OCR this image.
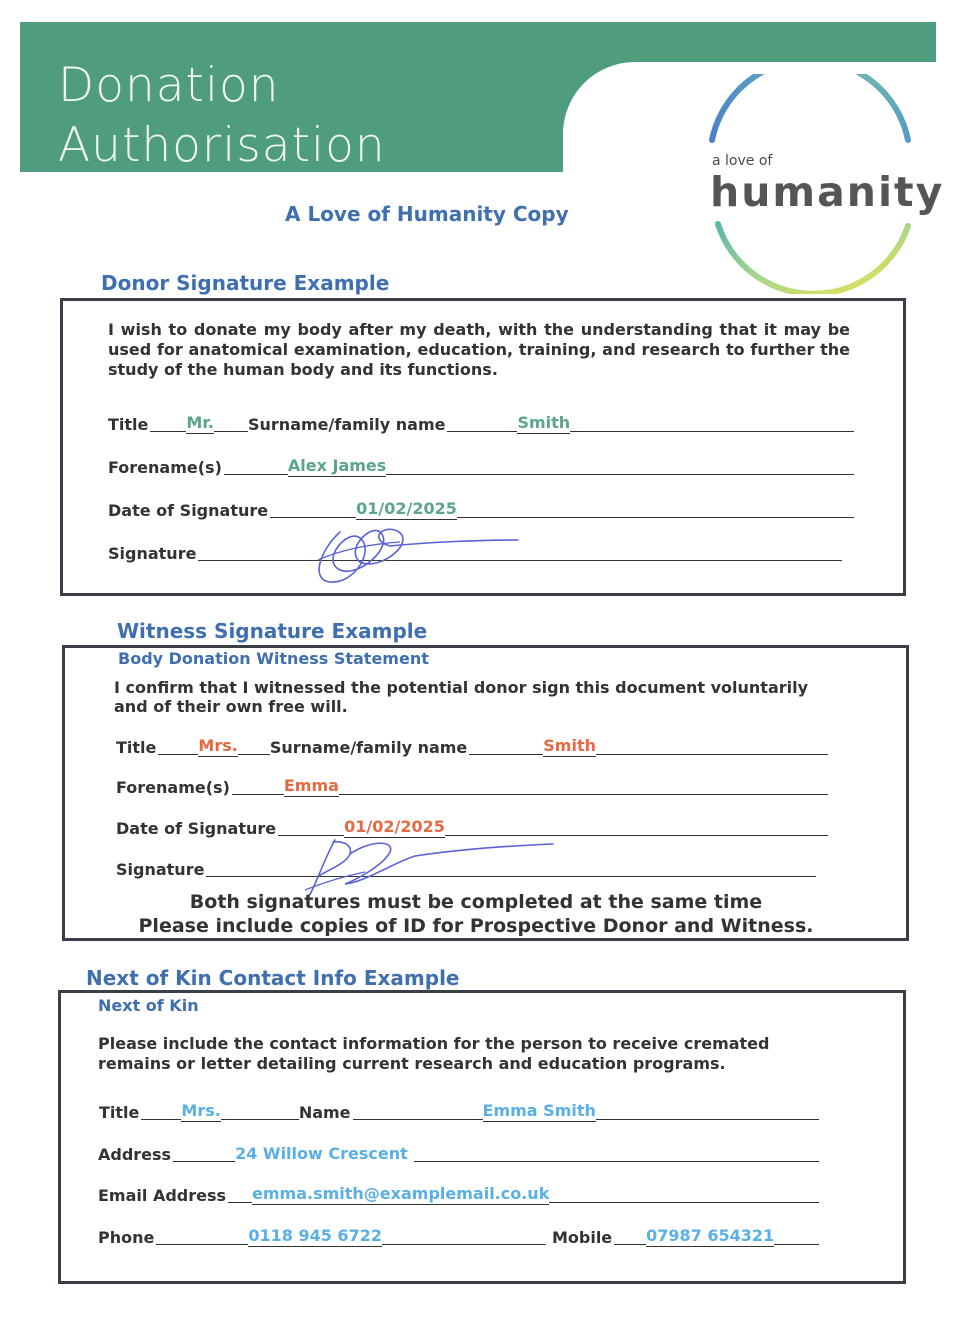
Donation
Authorisation	a love of
humanity
A Love of Humanity Copy
Donor Signature Example
I wish to donate my body after my death, with the understanding that it may be used for anatomical examination, education, training, and research to further the study of the human body and its functions.
Title Mr. Surname/family name	Smith
Forename(s)	Alex James
Date of Signature	01/02/2025
Signature
Witness Signature Example
Body Donation Witness Statement
I confirm that I witnessed the potential donor sign this document voluntarily and of their own free will.
Title	Mrs. Surname/family name	Smith
Forename(s)	Emma
Date of Signature	01/02/2025
Signature
Both signatures must be completed at the same time
Please include copies of ID for Prospective Donor and Witness.
Next of Kin Contact Info Example
Next of Kin
Please include the contact information for the person to receive cremated remains or letter detailing current research and education programs.
Title	Mrs.	Name	Emma Smith
Address	24 Willow Crescent
Email Address emma.smith@examplemail.co.uk
Phone	0118 945 6722	Mobile 07987 654321
